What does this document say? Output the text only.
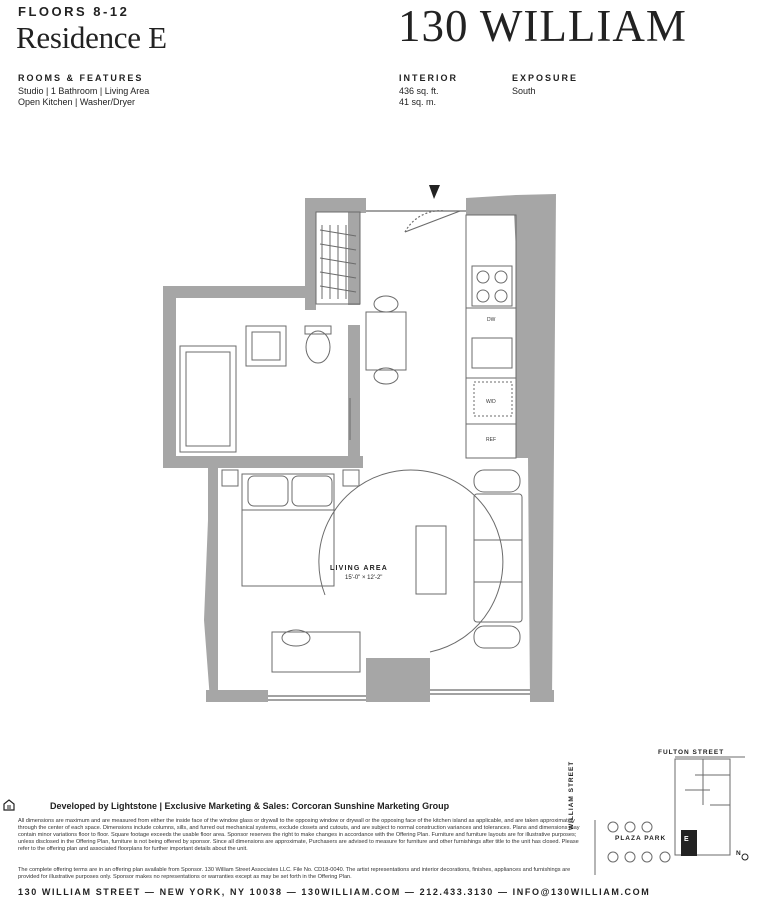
FLOORS 8-12
Residence E	130 WILLIAM
ROOMS & FEATURES
Studio | 1 Bathroom | Living Area
Open Kitchen | Washer/Dryer
INTERIOR
436 sq. ft.
41 sq. m.
EXPOSURE
South
DW
W/D
REF
LIVING AREA
15'-0" × 12'-2"
Developed by Lightstone | Exclusive Marketing & Sales: Corcoran Sunshine Marketing Group
All dimensions are maximum and are measured from either the inside face of the window glass or drywall to the opposing window or drywall or the opposing face of the kitchen island as applicable, and are taken approximately through the center of each space. Dimensions include columns, sills, and furred out mechanical systems, exclude closets and cutouts, and are subject to normal construction variances and tolerances. Plans and dimensions may contain minor variations floor to floor. Square footage exceeds the usable floor area. Sponsor reserves the right to make changes in accordance with the Offering Plan. Furniture and furniture layouts are for illustrative purposes; unless disclosed in the Offering Plan, furniture is not being offered by sponsor. Since all dimensions are approximate, Purchasers are advised to measure for furniture and other furnishings after title to the unit has closed. Please refer to the offering plan and associated floorplans for further important details about the unit.
The complete offering terms are in an offering plan available from Sponsor. 130 William Street Associates LLC. File No. CD18-0040. The artist representations and interior decorations, finishes, appliances and furnishings are provided for illustrative purposes only. Sponsor makes no representations or warranties except as may be set forth in the Offering Plan.
130 WILLIAM STREET — NEW YORK, NY 10038 — 130WILLIAM.COM — 212.433.3130 — INFO@130WILLIAM.COM
FULTON STREET
WILLIAM STREET
PLAZA PARK	E
N
